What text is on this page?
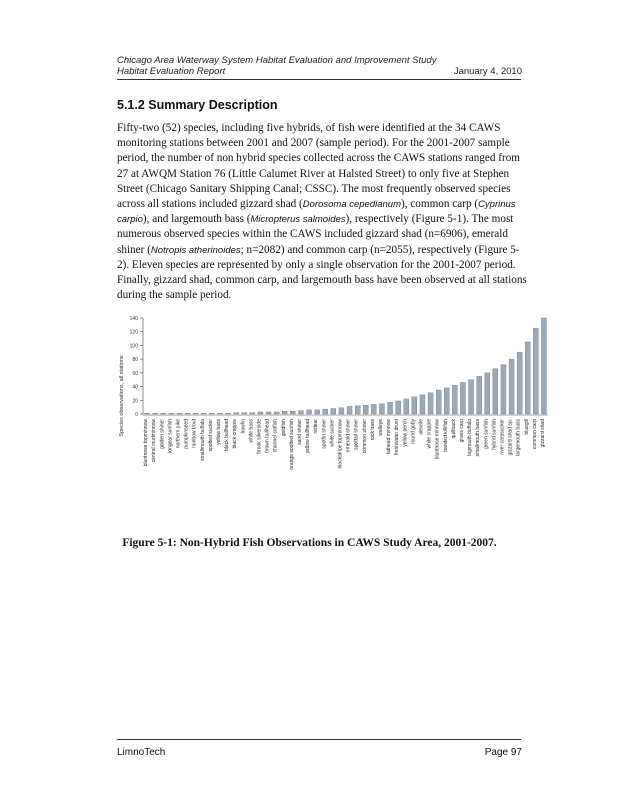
Chicago Area Waterway System Habitat Evaluation and Improvement Study
Habitat Evaluation Report	January 4, 2010
5.1.2 Summary Description

Fifty-two (52) species, including five hybrids, of fish were identified at the 34 CAWS monitoring stations between 2001 and 2007 (sample period). For the 2001-2007 sample period, the number of non hybrid species collected across the CAWS stations ranged from 27 at AWQM Station 76 (Little Calumet River at Halsted Street) to only five at Stephen Street (Chicago Sanitary Shipping Canal; CSSC). The most frequently observed species across all stations included gizzard shad (Dorosoma cepedianum), common carp (Cyprinus carpio), and largemouth bass (Micropterus salmoides), respectively (Figure 5-1). The most numerous observed species within the CAWS included gizzard shad (n=6906), emerald shiner (Notropis atherinoides; n=2082) and common carp (n=2055), respectively (Figure 5-2). Eleven species are represented by only a single observation for the 2001-2007 period. Finally, gizzard shad, common carp, and largemouth bass have been observed at all stations during the sample period.

Species observations, all stations 0
20
40
60
80
100
120
140
bluntnose topminnow central mudminnow golden shiner longear sunfish northern pike pumpkinseed rainbow trout smallmouth buffalo spotted sucker yellow bass black bullhead black crappie bowfin white bass brook silverside brown bullhead channel catfish goldfish orange spotted sunfish sand shiner yellow bullhead redear spotfin shiner white sucker blackstripe topminnow emerald shiner spottail shiner common shiner rock bass walleye fathead minnow freshwater drum yellow perch round goby alewife white crappie bluntnose minnow banded killifish quillback grass carp bigmouth buffalo smallmouth bass green sunfish hybrid sunfish river carpsucker gizzard shad sp. largemouth bass bluegill common carp gizzard shad
Figure 5-1: Non-Hybrid Fish Observations in CAWS Study Area, 2001-2007.
LimnoTech	Page 97
